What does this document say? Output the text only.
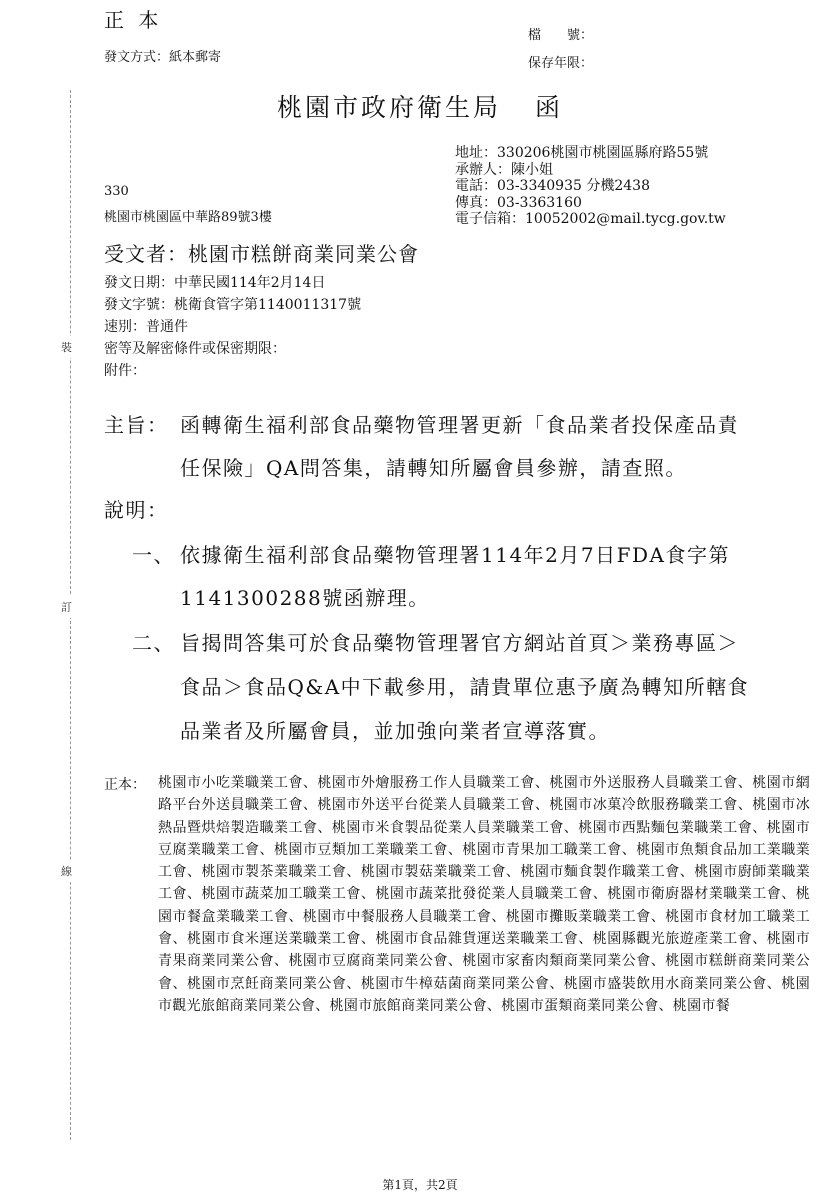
正 本
發文方式：紙本郵寄
檔　　號：
保存年限：
桃園市政府衛生局 函
地址：330206桃園市桃園區縣府路55號
承辦人：陳小姐
電話：03-3340935 分機2438
傳真：03-3363160
電子信箱：10052002@mail.tycg.gov.tw
330
桃園市桃園區中華路89號3樓
受文者：桃園市糕餅商業同業公會
發文日期：中華民國114年2月14日
發文字號：桃衛食管字第1140011317號
速別：普通件
密等及解密條件或保密期限：
附件：
主旨： 函轉衛生福利部食品藥物管理署更新「食品業者投保產品責
任保險」QA問答集，請轉知所屬會員參辦，請查照。
說明：
一、 依據衛生福利部食品藥物管理署114年2月7日FDA食字第
1141300288號函辦理。
二、 旨揭問答集可於食品藥物管理署官方網站首頁＞業務專區＞
食品＞食品Q&A中下載參用，請貴單位惠予廣為轉知所轄食
品業者及所屬會員，並加強向業者宣導落實。
正本： 桃園市小吃業職業工會、桃園市外燴服務工作人員職業工會、桃園市外送服務人員職業工會、桃園市網路平台外送員職業工會、桃園市外送平台從業人員職業工會、桃園市冰菓冷飲服務職業工會、桃園市冰熱品暨烘焙製造職業工會、桃園市米食製品從業人員業職業工會、桃園市西點麵包業職業工會、桃園市豆腐業職業工會、桃園市豆類加工業職業工會、桃園市青果加工職業工會、桃園市魚類食品加工業職業工會、桃園市製茶業職業工會、桃園市製菇業職業工會、桃園市麵食製作職業工會、桃園市廚師業職業工會、桃園市蔬菜加工職業工會、桃園市蔬菜批發從業人員職業工會、桃園市衛廚器材業職業工會、桃園市餐盒業職業工會、桃園市中餐服務人員職業工會、桃園市攤販業職業工會、桃園市食材加工職業工會、桃園市食米運送業職業工會、桃園市食品雜貨運送業職業工會、桃園縣觀光旅遊產業工會、桃園市青果商業同業公會、桃園市豆腐商業同業公會、桃園市家畜肉類商業同業公會、桃園市糕餅商業同業公會、桃園市烹飪商業同業公會、桃園市牛樟菇菌商業同業公會、桃園市盛裝飲用水商業同業公會、桃園市觀光旅館商業同業公會、桃園市旅館商業同業公會、桃園市蛋類商業同業公會、桃園市餐

裝
訂
線
第1頁，共2頁
